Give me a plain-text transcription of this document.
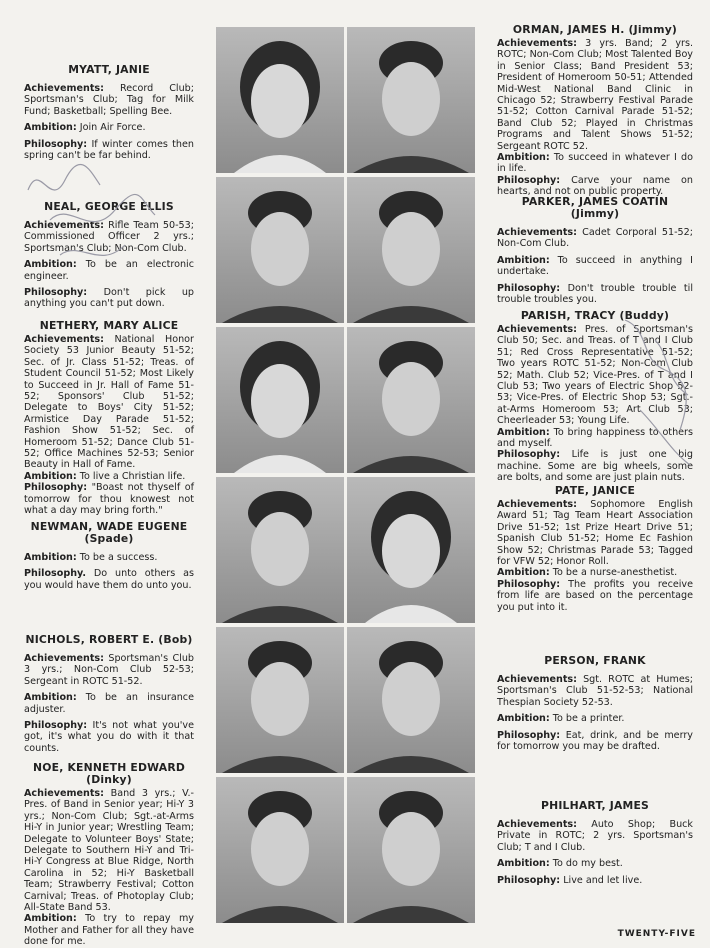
MYATT, JANIE

Achievements: Record Club; Sportsman's Club; Tag for Milk Fund; Basketball; Spelling Bee.

Ambition: Join Air Force.

Philosophy: If winter comes then spring can't be far behind.

NEAL, GEORGE ELLIS

Achievements: Rifle Team 50-53; Commissioned Officer 2 yrs.; Sportsman's Club; Non-Com Club.

Ambition: To be an electronic engineer.

Philosophy: Don't pick up anything you can't put down.

NETHERY, MARY ALICE

Achievements: National Honor Society 53 Junior Beauty 51-52; Sec. of Jr. Class 51-52; Treas. of Student Council 51-52; Most Likely to Succeed in Jr. Hall of Fame 51-52; Sponsors' Club 51-52; Delegate to Boys' City 51-52; Armistice Day Parade 51-52; Fashion Show 51-52; Sec. of Homeroom 51-52; Dance Club 51-52; Office Machines 52-53; Senior Beauty in Hall of Fame.

Ambition: To live a Christian life.

Philosophy: "Boast not thyself of tomorrow for thou knowest not what a day may bring forth."

NEWMAN, WADE EUGENE
(Spade)

Ambition: To be a success.

Philosophy. Do unto others as you would have them do unto you.

NICHOLS, ROBERT E. (Bob)

Achievements: Sportsman's Club 3 yrs.; Non-Com Club 52-53; Sergeant in ROTC 51-52.

Ambition: To be an insurance adjuster.

Philosophy: It's not what you've got, it's what you do with it that counts.

NOE, KENNETH EDWARD
(Dinky)

Achievements: Band 3 yrs.; V.-Pres. of Band in Senior year; Hi-Y 3 yrs.; Non-Com Club; Sgt.-at-Arms Hi-Y in Junior year; Wrestling Team; Delegate to Volunteer Boys' State; Delegate to Southern Hi-Y and Tri-Hi-Y Congress at Blue Ridge, North Carolina in 52; Hi-Y Basketball Team; Strawberry Festival; Cotton Carnival; Treas. of Photoplay Club; All-State Band 53.

Ambition: To try to repay my Mother and Father for all they have done for me.

ORMAN, JAMES H. (Jimmy)

Achievements: 3 yrs. Band; 2 yrs. ROTC; Non-Com Club; Most Talented Boy in Senior Class; Band President 53; President of Homeroom 50-51; Attended Mid-West National Band Clinic in Chicago 52; Strawberry Festival Parade 51-52; Cotton Carnival Parade 51-52; Band Club 52; Played in Christmas Programs and Talent Shows 51-52; Sergeant ROTC 52.

Ambition: To succeed in whatever I do in life.

Philosophy: Carve your name on hearts, and not on public property.

PARKER, JAMES COATIN
(Jimmy)

Achievements: Cadet Corporal 51-52; Non-Com Club.

Ambition: To succeed in anything I undertake.

Philosophy: Don't trouble trouble til trouble troubles you.

PARISH, TRACY (Buddy)

Achievements: Pres. of Sportsman's Club 50; Sec. and Treas. of T and I Club 51; Red Cross Representative 51-52; Two years ROTC 51-52; Non-Com Club 52; Math. Club 52; Vice-Pres. of T and I Club 53; Two years of Electric Shop 52-53; Vice-Pres. of Electric Shop 53; Sgt.-at-Arms Homeroom 53; Art Club 53; Cheerleader 53; Young Life.

Ambition: To bring happiness to others and myself.

Philosophy: Life is just one big machine. Some are big wheels, some are bolts, and some are just plain nuts.

PATE, JANICE

Achievements: Sophomore English Award 51; Tag Team Heart Association Drive 51-52; 1st Prize Heart Drive 51; Spanish Club 51-52; Home Ec Fashion Show 52; Christmas Parade 53; Tagged for VFW 52; Honor Roll.

Ambition: To be a nurse-anesthetist.

Philosophy: The profits you receive from life are based on the percentage you put into it.

PERSON, FRANK

Achievements: Sgt. ROTC at Humes; Sportsman's Club 51-52-53; National Thespian Society 52-53.

Ambition: To be a printer.

Philosophy: Eat, drink, and be merry for tomorrow you may be drafted.

PHILHART, JAMES

Achievements: Auto Shop; Buck Private in ROTC; 2 yrs. Sportsman's Club; T and I Club.

Ambition: To do my best.

Philosophy: Live and let live.

TWENTY-FIVE
